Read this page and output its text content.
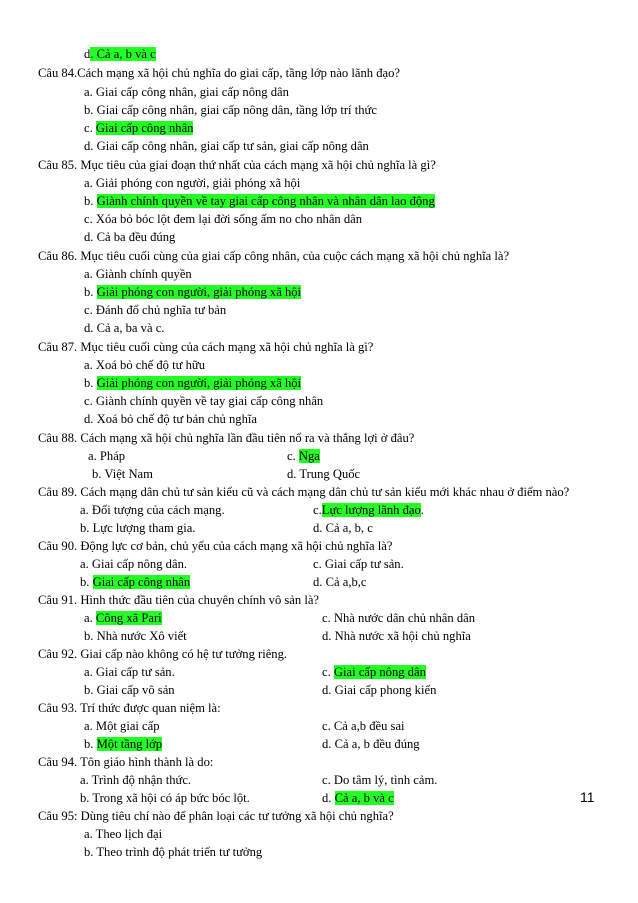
d. Cả a, b và c
Câu 84.Cách mạng xã hội chủ nghĩa do giai cấp, tầng lớp nào lãnh đạo?
a. Giai cấp công nhân, giai cấp nông dân
b. Giai cấp công nhân, giai cấp nông dân, tầng lớp trí thức
c. Giai cấp công nhân
d. Giai cấp công nhân, giai cấp tư sản, giai cấp nông dân
Câu 85. Mục tiêu của giai đoạn thứ nhất của cách mạng xã hội chủ nghĩa là gì?
a. Giải phóng con người, giải phóng xã hội
b. Giành chính quyền về tay giai cấp công nhân và nhân dân lao động
c. Xóa bỏ bóc lột đem lại đời sống ấm no cho nhân dân
d. Cả ba đều đúng
Câu 86. Mục tiêu cuối cùng của giai cấp công nhân, của cuộc cách mạng xã hội chủ nghĩa là?
a. Giành chính quyền
b. Giải phóng con người, giải phóng xã hội
c. Đánh đổ chủ nghĩa tư bản
d. Cả a, ba và c.
Câu 87. Mục tiêu cuối cùng của cách mạng xã hội chủ nghĩa là gì?
a. Xoá bỏ chế độ tư hữu
b. Giải phóng con người, giải phóng xã hội
c. Giành chính quyền về tay giai cấp công nhân
d. Xoá bỏ chế độ tư bản chủ nghĩa
Câu 88. Cách mạng xã hội chủ nghĩa lần đầu tiên nổ ra và thắng lợi ở đâu?
a. Pháp	c. Nga
b. Việt Nam	d. Trung Quốc
Câu 89. Cách mạng dân chủ tư sản kiểu cũ và cách mạng dân chủ tư sản kiểu mới khác nhau ở điểm nào?
a. Đối tượng của cách mạng.	c.Lực lượng lãnh đạo.
b. Lực lượng tham gia.	d. Cả a, b, c
Câu 90. Động lực cơ bản, chủ yếu của cách mạng xã hội chủ nghĩa là?
a. Giai cấp nông dân.	c. Giai cấp tư sản.
b. Giai cấp công nhân	d. Cả a,b,c
Câu 91. Hình thức đầu tiên của chuyên chính vô sản là?
a. Công xã Pari	c. Nhà nước dân chủ nhân dân
b. Nhà nước Xô viết	d. Nhà nước xã hội chủ nghĩa
Câu 92. Giai cấp nào không có hệ tư tưởng riêng.
a. Giai cấp tư sản.	c. Giai cấp nông dân
b. Giai cấp vô sản	d. Giai cấp phong kiến
Câu 93. Trí thức được quan niệm là:
a. Một giai cấp	c. Cả a,b đều sai
b. Một tầng lớp	d. Cả a, b đều đúng
Câu 94. Tôn giáo hình thành là do:
a. Trình độ nhận thức.	c. Do tâm lý, tình cảm.
b. Trong xã hội có áp bức bóc lột.	d. Cả a, b và c
Câu 95: Dùng tiêu chí nào để phân loại các tư tưởng xã hội chủ nghĩa?
a. Theo lịch đại
b. Theo trình độ phát triển tư tưởng
11
